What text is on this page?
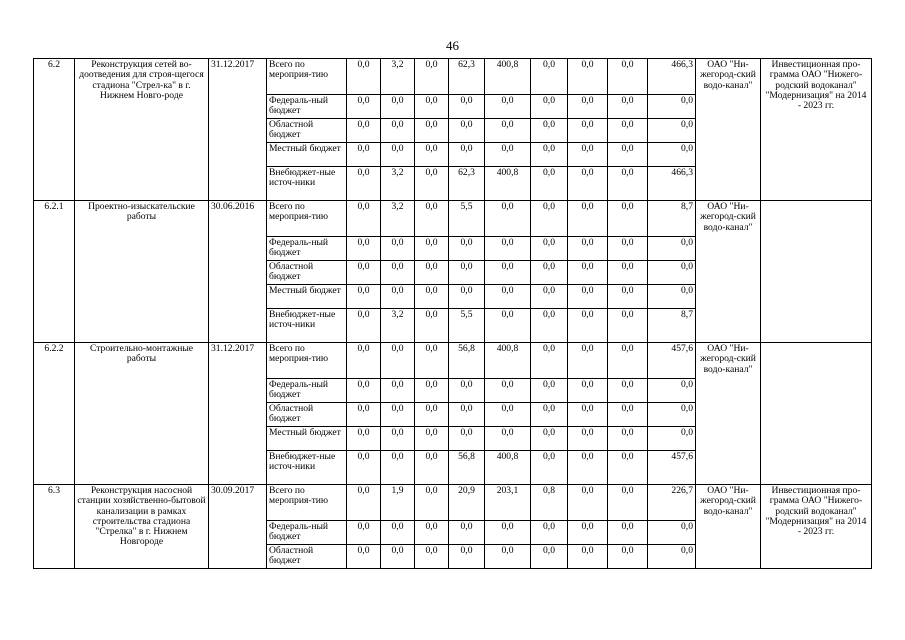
46
6.2	Реконструкция сетей во-доотведения для строя-щегося стадиона "Стрел-ка" в г. Нижнем Новго-роде	31.12.2017	Всего по мероприя-тию	0,0	3,2	0,0	62,3	400,8	0,0	0,0	0,0	466,3	ОАО "Ни-жегород-ский водо-канал"	Инвестиционная про-грамма ОАО "Нижего-родский водоканал" "Модернизация" на 2014 - 2023 гг.
			Федераль-ный бюджет	0,0	0,0	0,0	0,0	0,0	0,0	0,0	0,0	0,0		
			Областной бюджет	0,0	0,0	0,0	0,0	0,0	0,0	0,0	0,0	0,0		
			Местный бюджет	0,0	0,0	0,0	0,0	0,0	0,0	0,0	0,0	0,0		
			Внебюджет-ные источ-ники	0,0	3,2	0,0	62,3	400,8	0,0	0,0	0,0	466,3		
6.2.1	Проектно-изыскательские работы	30.06.2016	Всего по мероприя-тию	0,0	3,2	0,0	5,5	0,0	0,0	0,0	0,0	8,7	ОАО "Ни-жегород-ский водо-канал"	
			Федераль-ный бюджет	0,0	0,0	0,0	0,0	0,0	0,0	0,0	0,0	0,0		
			Областной бюджет	0,0	0,0	0,0	0,0	0,0	0,0	0,0	0,0	0,0		
			Местный бюджет	0,0	0,0	0,0	0,0	0,0	0,0	0,0	0,0	0,0		
			Внебюджет-ные источ-ники	0,0	3,2	0,0	5,5	0,0	0,0	0,0	0,0	8,7		
6.2.2	Строительно-монтажные работы	31.12.2017	Всего по мероприя-тию	0,0	0,0	0,0	56,8	400,8	0,0	0,0	0,0	457,6	ОАО "Ни-жегород-ский водо-канал"	
			Федераль-ный бюджет	0,0	0,0	0,0	0,0	0,0	0,0	0,0	0,0	0,0		
			Областной бюджет	0,0	0,0	0,0	0,0	0,0	0,0	0,0	0,0	0,0		
			Местный бюджет	0,0	0,0	0,0	0,0	0,0	0,0	0,0	0,0	0,0		
			Внебюджет-ные источ-ники	0,0	0,0	0,0	56,8	400,8	0,0	0,0	0,0	457,6		
6.3	Реконструкция насосной станции хозяйственно-бытовой канализации в рамках строительства стадиона "Стрелка" в г. Нижнем Новгороде	30.09.2017	Всего по мероприя-тию	0,0	1,9	0,0	20,9	203,1	0,8	0,0	0,0	226,7	ОАО "Ни-жегород-ский водо-канал"	Инвестиционная про-грамма ОАО "Нижего-родский водоканал" "Модернизация" на 2014 - 2023 гг.
			Федераль-ный бюджет	0,0	0,0	0,0	0,0	0,0	0,0	0,0	0,0	0,0		
			Областной бюджет	0,0	0,0	0,0	0,0	0,0	0,0	0,0	0,0	0,0		
